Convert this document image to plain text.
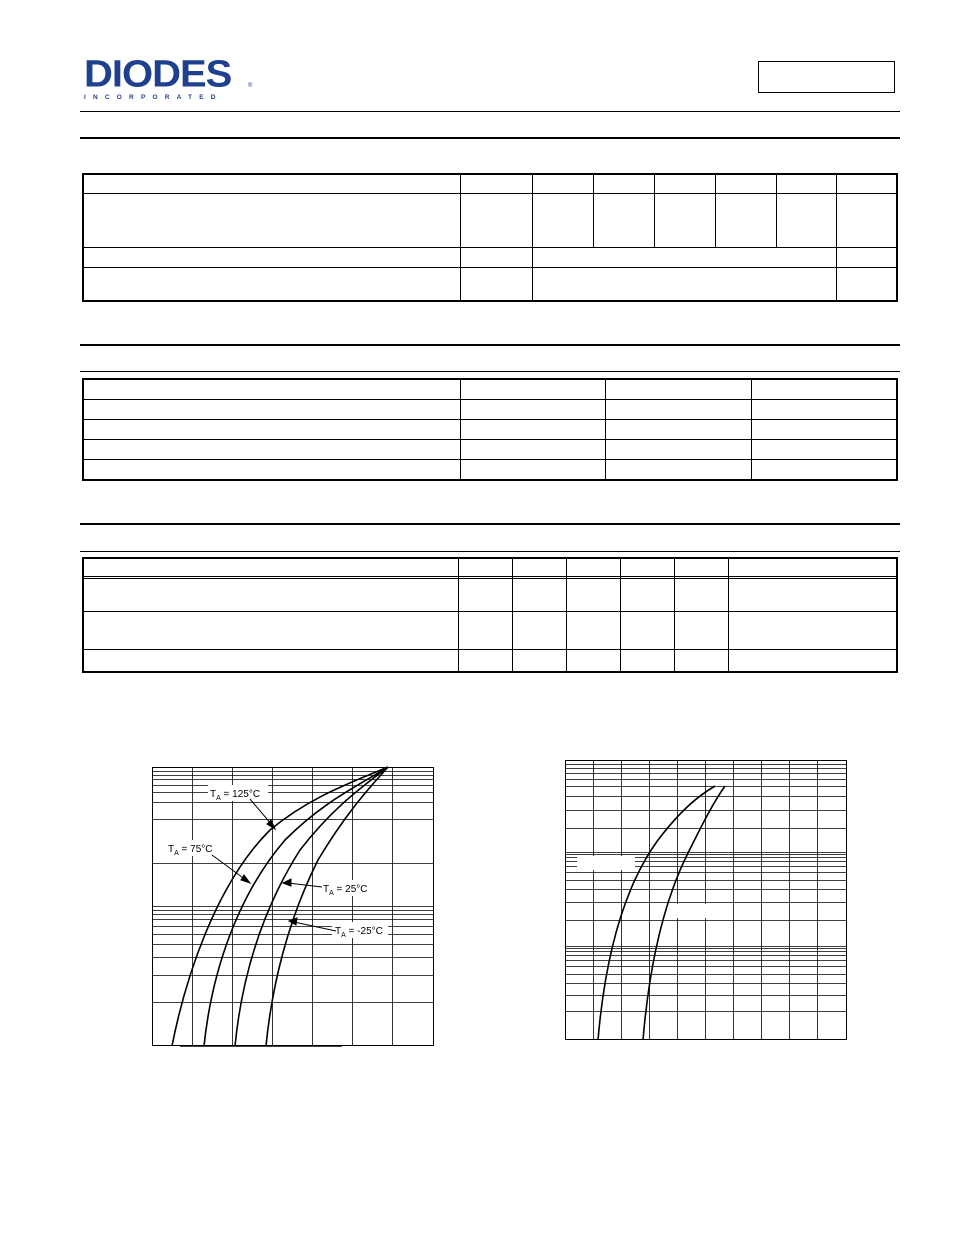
DIODES
INCORPORATED
®
$T_A = 125^\circ C$
$T_A = 75^\circ C$
$T_A = 25^\circ C$
$T_A = -25^\circ C$
